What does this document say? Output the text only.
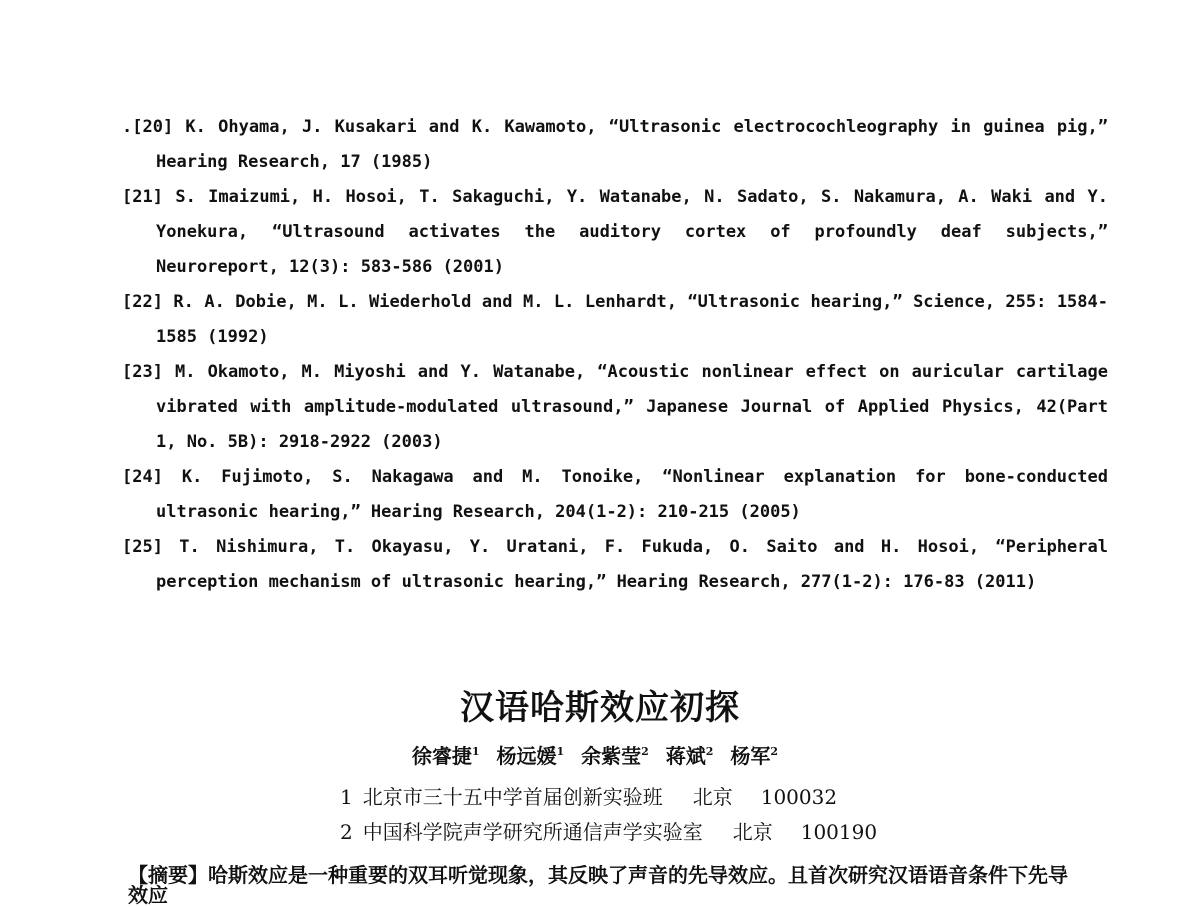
.[20] K. Ohyama, J. Kusakari and K. Kawamoto, “Ultrasonic electrocochleography in guinea pig,” Hearing Research, 17 (1985)

[21] S. Imaizumi, H. Hosoi, T. Sakaguchi, Y. Watanabe, N. Sadato, S. Nakamura, A. Waki and Y. Yonekura, “Ultrasound activates the auditory cortex of profoundly deaf subjects,” Neuroreport, 12(3): 583-586 (2001)

[22] R. A. Dobie, M. L. Wiederhold and M. L. Lenhardt, “Ultrasonic hearing,” Science, 255: 1584-1585 (1992)

[23] M. Okamoto, M. Miyoshi and Y. Watanabe, “Acoustic nonlinear effect on auricular cartilage vibrated with amplitude-modulated ultrasound,” Japanese Journal of Applied Physics, 42(Part 1, No. 5B): 2918-2922 (2003)

[24] K. Fujimoto, S. Nakagawa and M. Tonoike, “Nonlinear explanation for bone-conducted ultrasonic hearing,” Hearing Research, 204(1-2): 210-215 (2005)

[25] T. Nishimura, T. Okayasu, Y. Uratani, F. Fukuda, O. Saito and H. Hosoi, “Peripheral perception mechanism of ultrasonic hearing,” Hearing Research, 277(1-2): 176-83 (2011)

汉语哈斯效应初探
徐睿捷$^1$ 杨远媛$^1$ 余紫莹$^2$ 蒋斌$^2$ 杨军$^2$
1 北京市三十五中学首届创新实验班 北京 100032
2 中国科学院声学研究所通信声学实验室 北京 100190
【摘要】哈斯效应是一种重要的双耳听觉现象，其反映了声音的先导效应。且首次研究汉语语音条件下先导效应
